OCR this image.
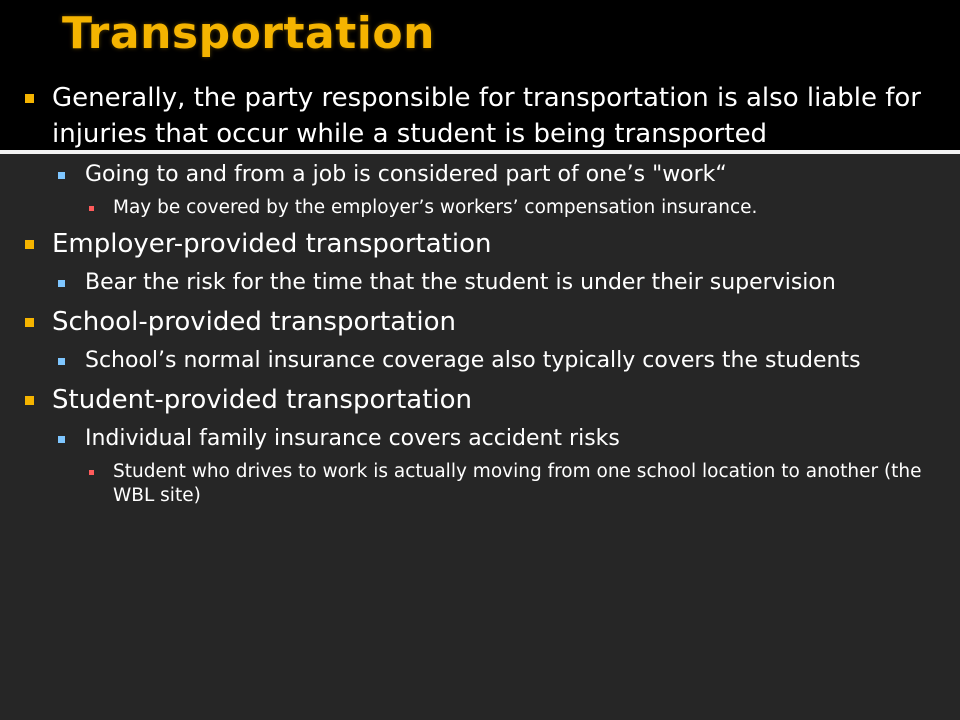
Transportation
Generally, the party responsible for transportation is also liable for injuries that occur while a student is being transported
Going to and from a job is considered part of one’s "work“
May be covered by the employer’s workers’ compensation insurance.
Employer-provided transportation
Bear the risk for the time that the student is under their supervision
School-provided transportation
School’s normal insurance coverage also typically covers the students
Student-provided transportation
Individual family insurance covers accident risks
Student who drives to work is actually moving from one school location to another (the WBL site)
